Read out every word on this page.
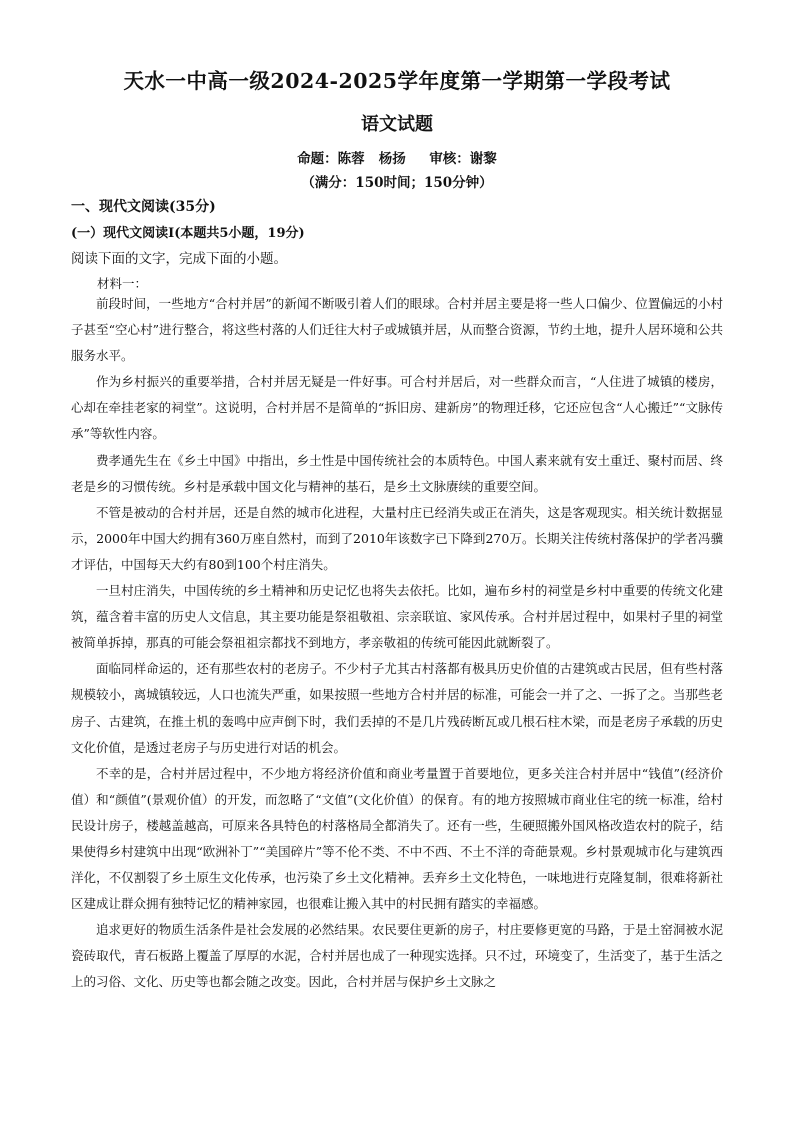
天水一中高一级2024-2025学年度第一学期第一学段考试
语文试题
命题：陈蓉   杨扬     审核：谢黎
（满分：150时间；150分钟）
一、现代文阅读(35分)
(一）现代文阅读Ⅰ(本题共5小题，19分)
阅读下面的文字，完成下面的小题。
材料一：

前段时间，一些地方“合村并居”的新闻不断吸引着人们的眼球。合村并居主要是将一些人口偏少、位置偏远的小村子甚至“空心村”进行整合，将这些村落的人们迁往大村子或城镇并居，从而整合资源，节约土地，提升人居环境和公共服务水平。

作为乡村振兴的重要举措，合村并居无疑是一件好事。可合村并居后，对一些群众而言，“人住进了城镇的楼房，心却在牵挂老家的祠堂”。这说明，合村并居不是简单的“拆旧房、建新房”的物理迁移，它还应包含“人心搬迁”“文脉传承”等软性内容。

费孝通先生在《乡土中国》中指出，乡土性是中国传统社会的本质特色。中国人素来就有安土重迁、聚村而居、终老是乡的习惯传统。乡村是承载中国文化与精神的基石，是乡土文脉赓续的重要空间。

不管是被动的合村并居，还是自然的城市化进程，大量村庄已经消失或正在消失，这是客观现实。相关统计数据显示，2000年中国大约拥有360万座自然村，而到了2010年该数字已下降到270万。长期关注传统村落保护的学者冯骥才评估，中国每天大约有80到100个村庄消失。

一旦村庄消失，中国传统的乡土精神和历史记忆也将失去依托。比如，遍布乡村的祠堂是乡村中重要的传统文化建筑，蕴含着丰富的历史人文信息，其主要功能是祭祖敬祖、宗亲联谊、家风传承。合村并居过程中，如果村子里的祠堂被简单拆掉，那真的可能会祭祖祖宗都找不到地方，孝亲敬祖的传统可能因此就断裂了。

面临同样命运的，还有那些农村的老房子。不少村子尤其古村落都有极具历史价值的古建筑或古民居，但有些村落规模较小，离城镇较远，人口也流失严重，如果按照一些地方合村并居的标准，可能会一并了之、一拆了之。当那些老房子、古建筑，在推土机的轰鸣中应声倒下时，我们丢掉的不是几片残砖断瓦或几根石柱木梁，而是老房子承载的历史文化价值，是透过老房子与历史进行对话的机会。

不幸的是，合村并居过程中，不少地方将经济价值和商业考量置于首要地位，更多关注合村并居中“钱值”(经济价值）和“颜值”(景观价值）的开发，而忽略了“文值”(文化价值）的保育。有的地方按照城市商业住宅的统一标准，给村民设计房子，楼越盖越高，可原来各具特色的村落格局全都消失了。还有一些，生硬照搬外国风格改造农村的院子，结果使得乡村建筑中出现“欧洲补丁”“美国碎片”等不伦不类、不中不西、不土不洋的奇葩景观。乡村景观城市化与建筑西洋化，不仅割裂了乡土原生文化传承，也污染了乡土文化精神。丢弃乡土文化特色，一味地进行克隆复制，很难将新社区建成让群众拥有独特记忆的精神家园，也很难让搬入其中的村民拥有踏实的幸福感。

追求更好的物质生活条件是社会发展的必然结果。农民要住更新的房子，村庄要修更宽的马路，于是土窑洞被水泥瓷砖取代，青石板路上覆盖了厚厚的水泥，合村并居也成了一种现实选择。只不过，环境变了，生活变了，基于生活之上的习俗、文化、历史等也都会随之改变。因此，合村并居与保护乡土文脉之
